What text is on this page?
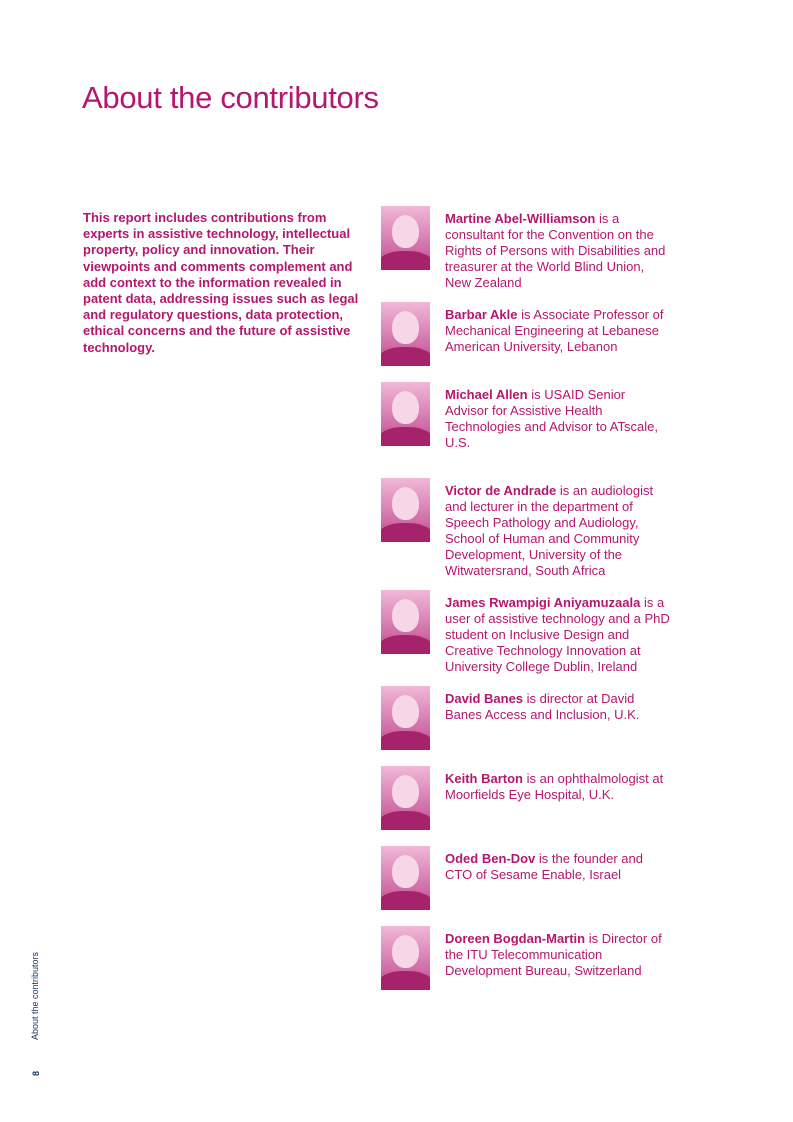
About the contributors

This report includes contributions from experts in assistive technology, intellectual property, policy and innovation. Their viewpoints and comments complement and add context to the information revealed in patent data, addressing issues such as legal and regulatory questions, data protection, ethical concerns and the future of assistive technology.

Martine Abel-Williamson is a consultant for the Convention on the Rights of Persons with Disabilities and treasurer at the World Blind Union, New Zealand

Barbar Akle is Associate Professor of Mechanical Engineering at Lebanese American University, Lebanon

Michael Allen is USAID Senior Advisor for Assistive Health Technologies and Advisor to ATscale, U.S.

Victor de Andrade is an audiologist and lecturer in the department of Speech Pathology and Audiology, School of Human and Community Development, University of the Witwatersrand, South Africa

James Rwampigi Aniyamuzaala is a user of assistive technology and a PhD student on Inclusive Design and Creative Technology Innovation at University College Dublin, Ireland

David Banes is director at David Banes Access and Inclusion, U.K.

Keith Barton is an ophthalmologist at Moorfields Eye Hospital, U.K.

Oded Ben-Dov is the founder and CTO of Sesame Enable, Israel

Doreen Bogdan-Martin is Director of the ITU Telecommunication Development Bureau, Switzerland

About the contributors
8
